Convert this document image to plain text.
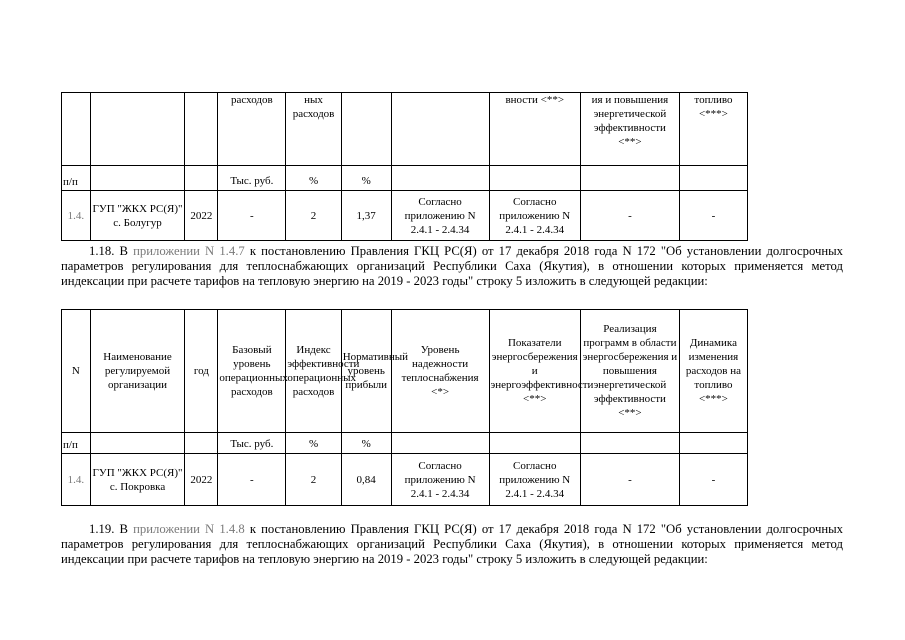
			расходов	ных расходов			вности <**>	ия и повышения энергетической эффективности <**>	топливо <***>
п/п			Тыс. руб.	%	%				
1.4.	ГУП "ЖКХ РС(Я)" с. Болугур	2022	-	2	1,37	Согласно приложению N 2.4.1 - 2.4.34	Согласно приложению N 2.4.1 - 2.4.34	-	-

1.18. В приложении N 1.4.7 к постановлению Правления ГКЦ РС(Я) от 17 декабря 2018 года N 172 "Об установлении долгосрочных параметров регулирования для теплоснабжающих организаций Республики Саха (Якутия), в отношении которых применяется метод индексации при расчете тарифов на тепловую энергию на 2019 - 2023 годы" строку 5 изложить в следующей редакции:

N	Наименование регулируемой организации	год	Базовый уровень операционных расходов	Индекс эффективности операционных расходов	Нормативный уровень прибыли	Уровень надежности теплоснабжения <*>	Показатели энергосбережения и энергоэффективности <**>	Реализация программ в области энергосбережения и повышения энергетической эффективности <**>	Динамика изменения расходов на топливо <***>
п/п			Тыс. руб.	%	%				
1.4.	ГУП "ЖКХ РС(Я)" с. Покровка	2022	-	2	0,84	Согласно приложению N 2.4.1 - 2.4.34	Согласно приложению N 2.4.1 - 2.4.34	-	-

1.19. В приложении N 1.4.8 к постановлению Правления ГКЦ РС(Я) от 17 декабря 2018 года N 172 "Об установлении долгосрочных параметров регулирования для теплоснабжающих организаций Республики Саха (Якутия), в отношении которых применяется метод индексации при расчете тарифов на тепловую энергию на 2019 - 2023 годы" строку 5 изложить в следующей редакции:
